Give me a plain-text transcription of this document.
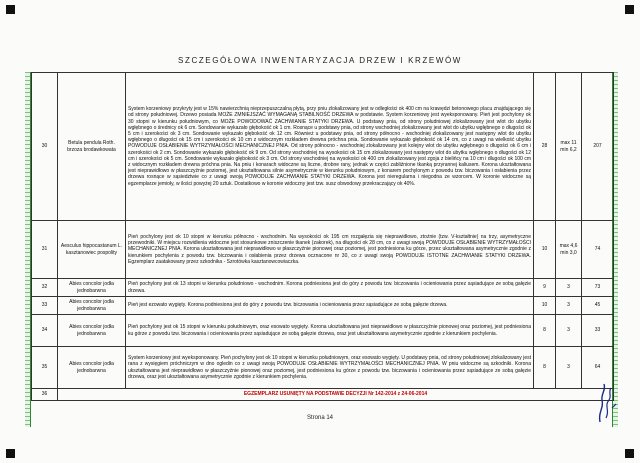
SZCZEGÓŁOWA INWENTARYZACJA DRZEW I KRZEWÓW
30	Betula pendula Roth. brzoza brodawkowata	System korzeniowy przykryty jest w 15% nawierzchnią nieprzepuszczalną płytą, przy pniu zlokalizowany jest w odległości ok 400 cm na krawędzi betonowego placu znajdującego się od strony południowej. Drzewo posiada MOŻE ZMNIEJSZAĆ WYMAGANĄ STABILNOŚĆ DRZEWA w podstawie. System korzeniowy jest wyeksponowany. Pień jest pochylony ok 30 stopni w kierunku południowym, co MOŻE POWODOWAĆ ZACHWIANIE STATYKI DRZEWA. U podstawy pnia, od strony południowej zlokalizowany jest wlot do ubytku wgłębnego o średnicy ok 6 cm. Sondowanie wykazało głębokość ok 1 cm. Rosnące u podstawy pnia, od strony wschodniej zlokalizowany jest wlot do ubytku wgłębnego o długości ok 5 cm i szerokości ok 3 cm. Sondowanie wykazało głębokość ok 12 cm. Również u podstawy pnia, od strony północno - wschodniej zlokalizowany jest następny wlot do ubytku wgłębnego o długości ok 15 cm i szerokości ok 10 cm z widocznym rozkładem drewna próchna pnia. Sondowanie wykazało głębokość ok 14 cm, co z uwagi na wielkość ubytku POWODUJE OSŁABIENIE WYTRZYMAŁOŚCI MECHANICZNEJ PNIA. Od strony północno - wschodniej zlokalizowany jest kolejny wlot do ubytku wgłębnego o długości ok 6 cm i szerokości ok 2 cm. Sondowanie wykazało głębokość ok 9 cm. Od strony wschodniej na wysokości ok 15 cm zlokalizowany jest następny wlot do ubytku wgłębnego o długości ok 12 cm i szerokości ok 5 cm. Sondowanie wykazało głębokość ok 3 cm. Od strony wschodniej na wysokości ok 400 cm zlokalizowany jest zgoja z bielińcy na 10 cm i długości ok 100 cm z widocznym rozkładem drewna próchna pnia. Na pniu i konarach widoczne są liczne, drobne rany, jednak w części zabliźnione tkanką przyrannej kaliusem. Korona ukształtowana jest nieprawidłowo w płaszczyźnie poziomej, jest ukształtowana silnie asymetrycznie w kierunku południowym, z konarem pochylonym z powodu tzw. biczowania i osłabienia przez drzewa rosnące w sąsiedztwie co z uwagi swoją POWODUJE ZACHWIANIE STATYKI DRZEWA. Korona jest nieregularna i niegodna ze wzorcem. W koronie widoczne są egzemplarze jemioły, w ilości powyżej 20 sztuk. Dostatkowo w koronie widoczny jest tzw. susz obwodowy przekraczający ok 40%.	28	max 11 min 6,2	207
31	Aesculus hippocastanum L. kasztanowiec pospolity	Pień pochylony jest ok 10 stopni w kierunku północno - wschodnim. Na wysokości ok 195 cm rozgałęzia się nieprawidłowo, ztożnie (tzw. V-kształtnie) na trzy, asymetryczne przewodniki. W miejscu rozwidlenia widoczne jest stosunkowe zniszczenie tkanek (zakorek), na długości ok 28 cm, co z uwagi swoją POWODUJE OSŁABIENIE WYTRZYMAŁOŚCI MECHANICZNEJ PNIA. Korona ukształtowana jest nieprawidłowo w płaszczyźnie pionowej oraz poziomej, jest podniesiona ku górze, przez ukształtowana asymetrycznie zgodnie z kierunkiem pochylenia z powodu tzw. biczowania i osłabienia przez drzewa ocznacone nr 30, co z uwagi swoją POWODUJE ISTOTNE ZACHWIANIE STATYKI DRZEWA. Egzemplarz zaatakowany przez szkodnika - Szrotówka kasztanowcowiaczka.	10	max 4,6 min 3,0	74
32	Abies concolor jodła jednobarwna	Pień pochylony jest ok 13 stopni w kierunku południowo - wschodnim. Korona podniesiona jest do góry z powodu tzw. biczowania i ocieniowania przez sąsiadujące ze sobą gałęzie drzewa.	9	3	73
33	Abies concolor jodła jednobarwna	Pień jest ezowato wygięty. Korona podniesiona jest do góry z powodu tzw. biczowania i ocieniowania przez sąsiadujące ze sobą gałęzie drzewa.	10	3	45
34	Abies concolor jodła jednobarwna	Pień pochylony jest ok 15 stopni w kierunku południowym, oraz esowato wygięty. Korona ukształtowana jest nieprawidłowo w płaszczyźnie pionowej oraz poziomej, jest podniesiona ku górze z powodu tzw. biczowania i ocieniowania przez sąsiadujące ze sobą gałęzie drzewa, oraz jest ukształtowana asymetrycznie zgodnie z kierunkiem pochylenia.	8	3	33
35	Abies concolor jodła jednobarwna	System korzeniowy jest wyeksponowany. Pień pochylony jest ok 10 stopni w kierunku południowym, oraz esowato wygięty. U podstawy pnia, od strony południowej zlokalizowany jest rana z wysięgiem próchniczym w dno ogledin co z uwagi swoją POWODUJE OSŁABIENIE WYTRZYMAŁOŚCI MECHANICZNEJ PNIA. W pniu widoczne są szkodniki. Korona ukształtowana jest nieprawidłowo w płaszczyźnie pionowej oraz poziomej, jest podniesiona ku górze z powodu tzw. biczowania i ocieniowania przez sąsiadujące ze sobą gałęzie drzewa, oraz jest ukształtowana asymetrycznie zgodnie z kierunkiem pochylenia.	8	3	64
36	EGZEMPLARZ USUNIĘTY NA PODSTAWIE DECYZJI Nr 142-2014 z 24-06-2014				
Strona 14
